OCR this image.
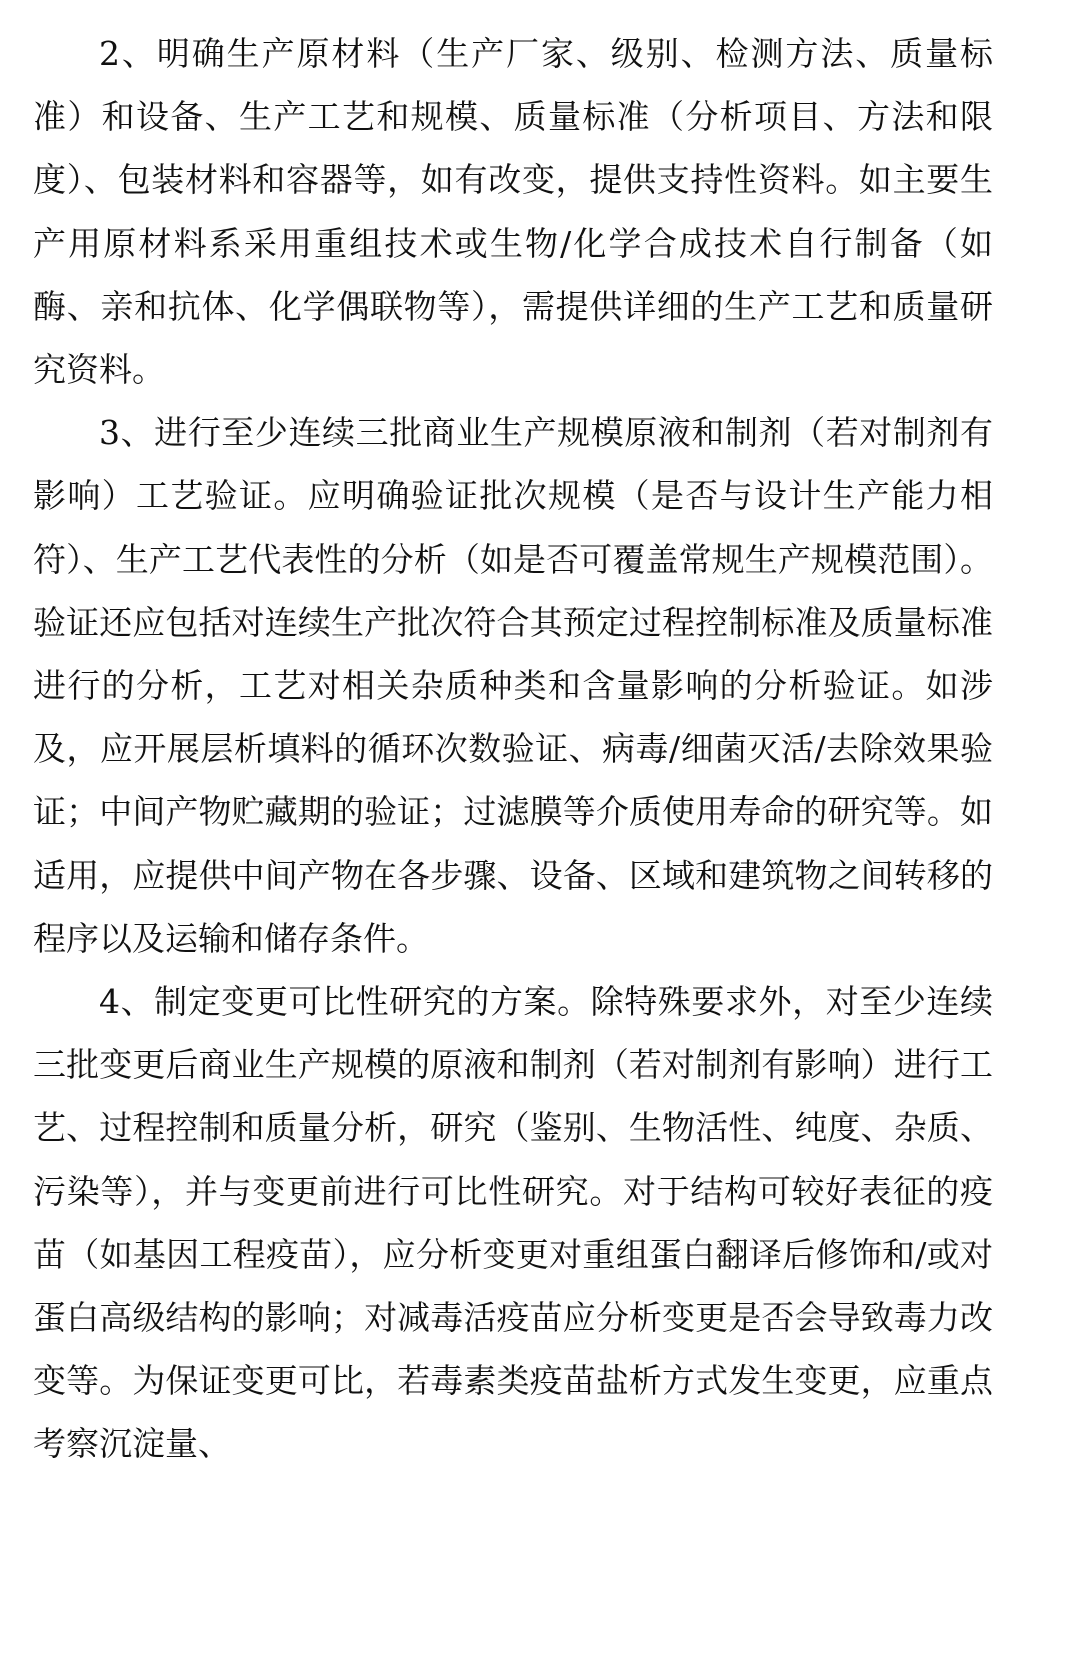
2、明确生产原材料（生产厂家、级别、检测方法、质量标准）和设备、生产工艺和规模、质量标准（分析项目、方法和限度）、包装材料和容器等，如有改变，提供支持性资料。如主要生产用原材料系采用重组技术或生物/化学合成技术自行制备（如酶、亲和抗体、化学偶联物等），需提供详细的生产工艺和质量研究资料。

3、进行至少连续三批商业生产规模原液和制剂（若对制剂有影响）工艺验证。应明确验证批次规模（是否与设计生产能力相符）、生产工艺代表性的分析（如是否可覆盖常规生产规模范围）。验证还应包括对连续生产批次符合其预定过程控制标准及质量标准进行的分析，工艺对相关杂质种类和含量影响的分析验证。如涉及，应开展层析填料的循环次数验证、病毒/细菌灭活/去除效果验证；中间产物贮藏期的验证；过滤膜等介质使用寿命的研究等。如适用，应提供中间产物在各步骤、设备、区域和建筑物之间转移的程序以及运输和储存条件。

4、制定变更可比性研究的方案。除特殊要求外，对至少连续三批变更后商业生产规模的原液和制剂（若对制剂有影响）进行工艺、过程控制和质量分析，研究（鉴别、生物活性、纯度、杂质、污染等），并与变更前进行可比性研究。对于结构可较好表征的疫苗（如基因工程疫苗），应分析变更对重组蛋白翻译后修饰和/或对蛋白高级结构的影响；对减毒活疫苗应分析变更是否会导致毒力改变等。为保证变更可比，若毒素类疫苗盐析方式发生变更，应重点考察沉淀量、
